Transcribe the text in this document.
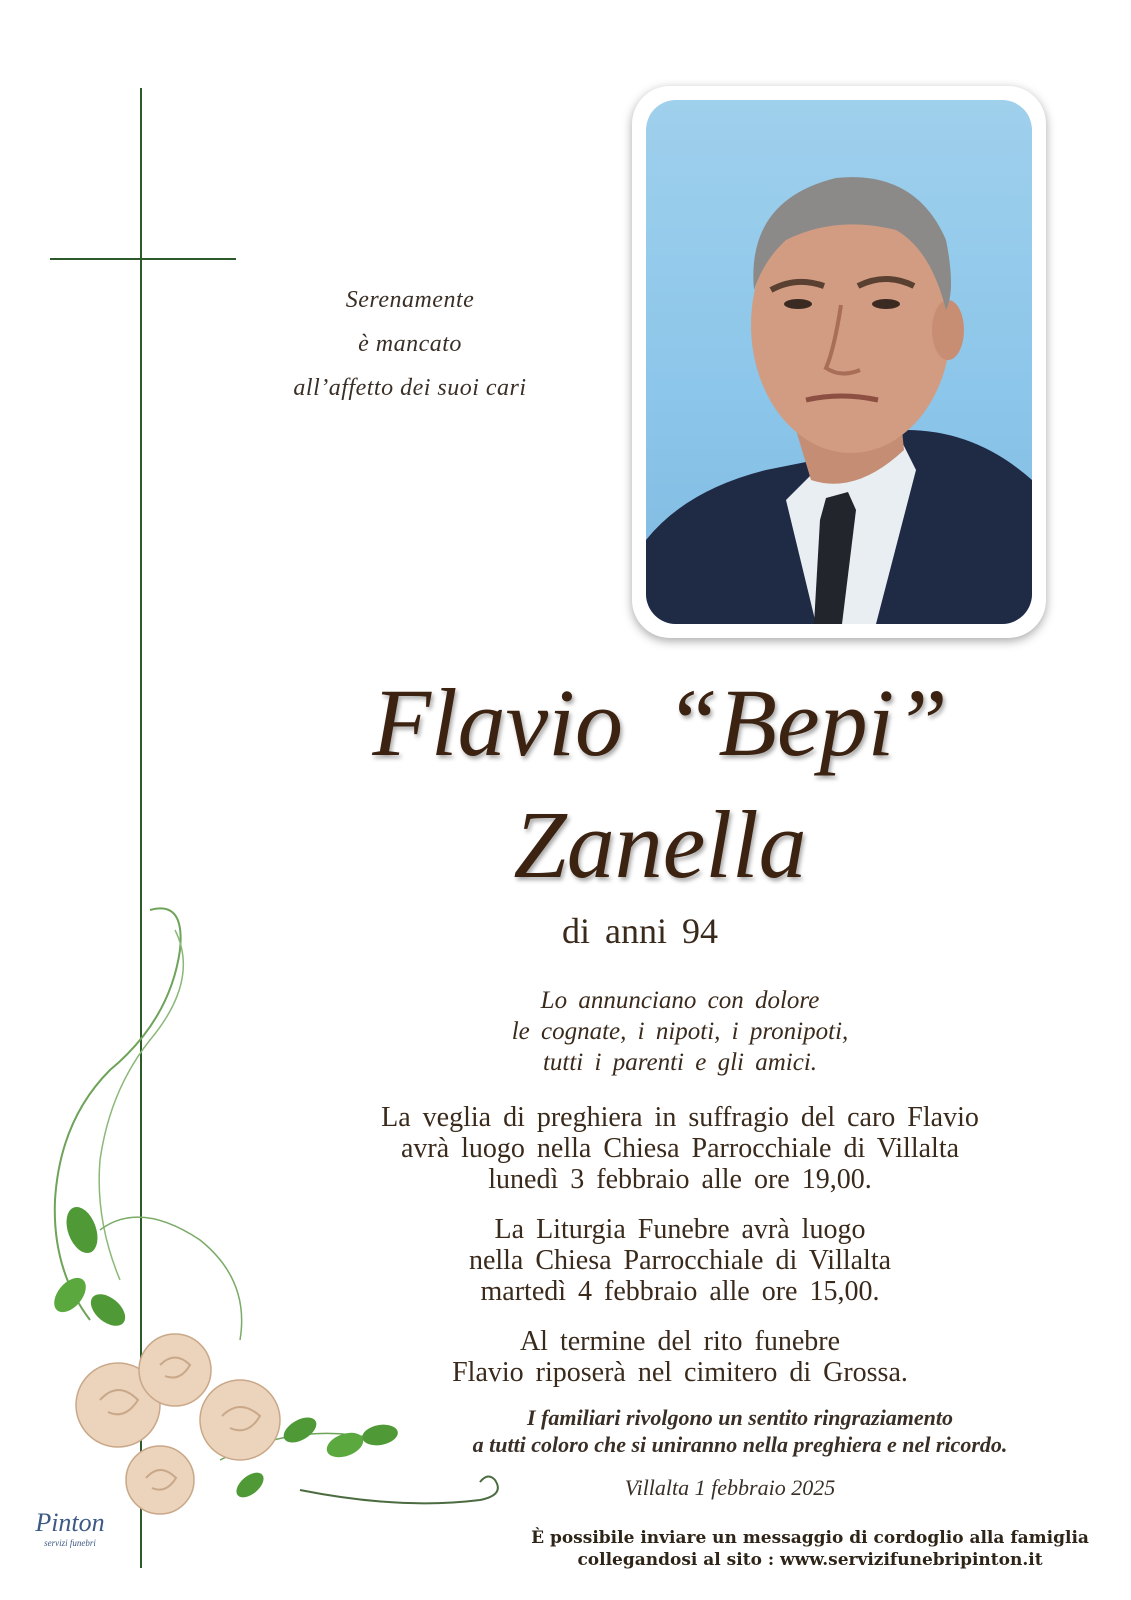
Serenamente
è mancato
all’affetto dei suoi cari
Flavio “Bepi”
Zanella
di anni 94
Lo annunciano con dolore
le cognate, i nipoti, i pronipoti,
tutti i parenti e gli amici.
La veglia di preghiera in suffragio del caro Flavio
avrà luogo nella Chiesa Parrocchiale di Villalta
lunedì 3 febbraio alle ore 19,00.
La Liturgia Funebre avrà luogo
nella Chiesa Parrocchiale di Villalta
martedì 4 febbraio alle ore 15,00.
Al termine del rito funebre
Flavio riposerà nel cimitero di Grossa.
I familiari rivolgono un sentito ringraziamento
a tutti coloro che si uniranno nella preghiera e nel ricordo.
Villalta 1 febbraio 2025
È possibile inviare un messaggio di cordoglio alla famiglia
collegandosi al sito : www.servizifunebripinton.it
Pinton
servizi funebri
